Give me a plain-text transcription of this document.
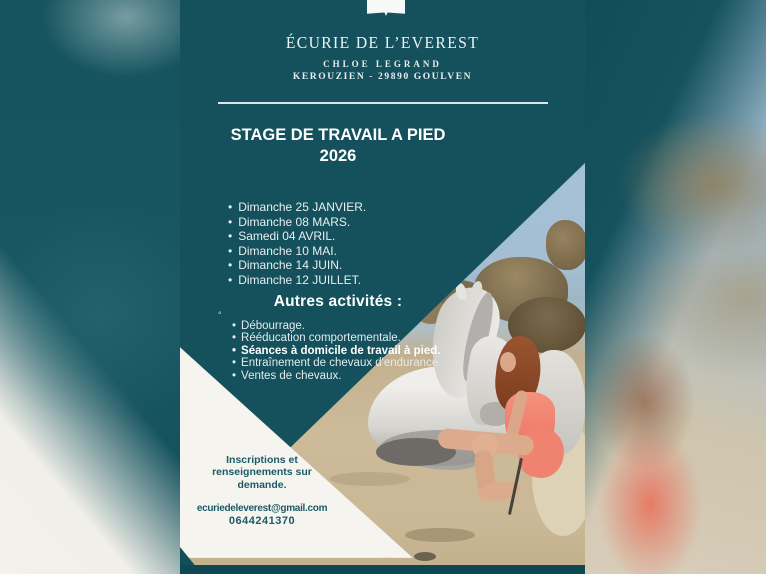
ÉCURIE DE L’EVEREST
CHLOE LEGRAND
KEROUZIEN - 29890 GOULVEN
STAGE DE TRAVAIL A PIED
2026
• Dimanche 25 JANVIER.
• Dimanche 08 MARS.
• Samedi 04 AVRIL.
• Dimanche 10 MAI.
• Dimanche 14 JUIN.
• Dimanche 12 JUILLET.
Autres activités :
°
• Débourrage.
• Rééducation comportementale.
• Séances à domicile de travail à pied.
• Entraînement de chevaux d'endurance.
• Ventes de chevaux.
Inscriptions et
renseignements sur
demande.
ecuriedeleverest@gmail.com
0644241370
